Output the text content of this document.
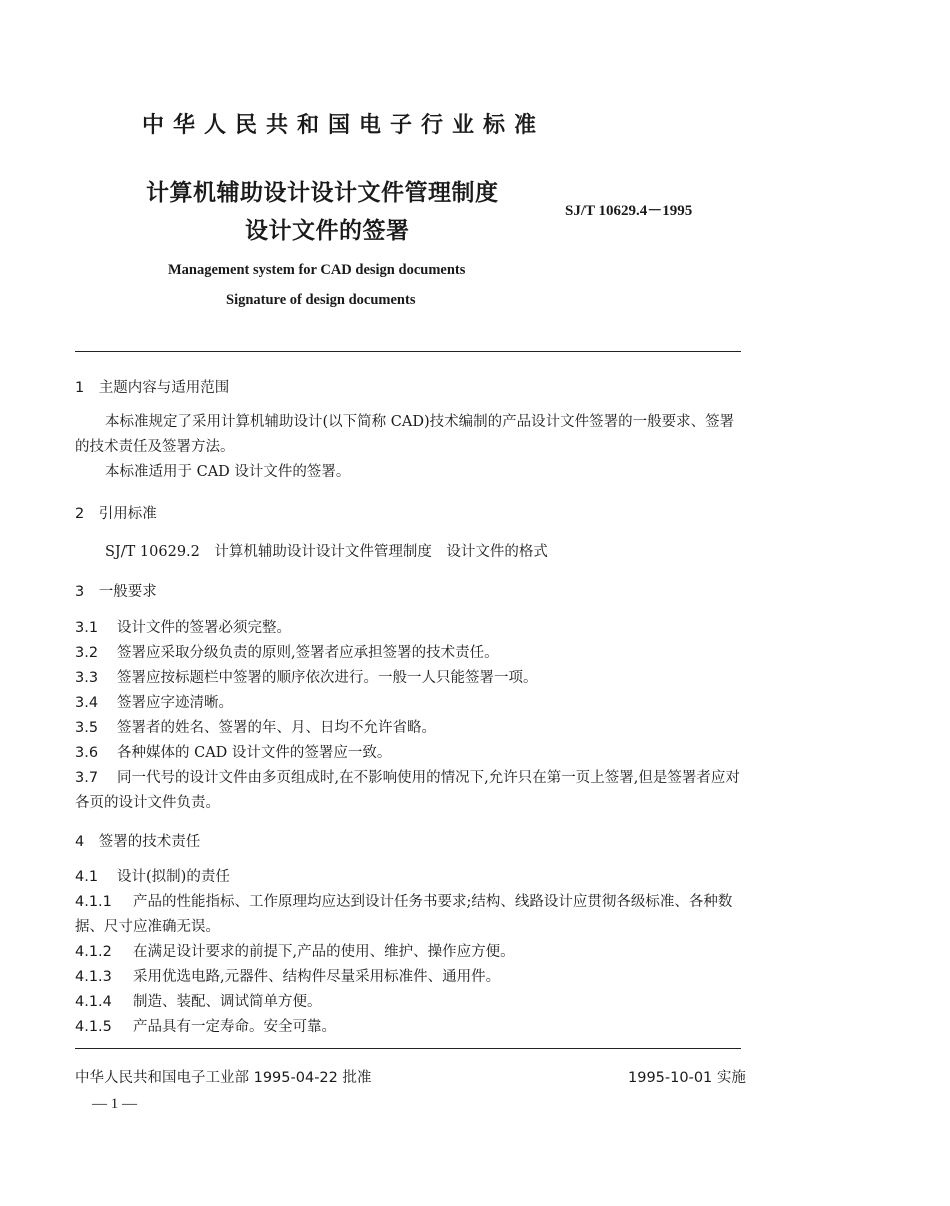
中华人民共和国电子行业标准
计算机辅助设计设计文件管理制度
设计文件的签署
SJ/T 10629.4－1995
Management system for CAD design documents
Signature of design documents
1　主题内容与适用范围

本标准规定了采用计算机辅助设计(以下简称 CAD)技术编制的产品设计文件签署的一般要求、签署的技术责任及签署方法。

本标准适用于 CAD 设计文件的签署。

2　引用标准
SJ/T 10629.2　计算机辅助设计设计文件管理制度　设计文件的格式
3　一般要求

3.1 设计文件的签署必须完整。

3.2 签署应采取分级负责的原则,签署者应承担签署的技术责任。

3.3 签署应按标题栏中签署的顺序依次进行。一般一人只能签署一项。

3.4 签署应字迹清晰。

3.5 签署者的姓名、签署的年、月、日均不允许省略。

3.6 各种媒体的 CAD 设计文件的签署应一致。

3.7 同一代号的设计文件由多页组成时,在不影响使用的情况下,允许只在第一页上签署,但是签署者应对各页的设计文件负责。

4　签署的技术责任

4.1 设计(拟制)的责任

4.1.1 产品的性能指标、工作原理均应达到设计任务书要求;结构、线路设计应贯彻各级标准、各种数据、尺寸应准确无误。

4.1.2 在满足设计要求的前提下,产品的使用、维护、操作应方便。

4.1.3 采用优选电路,元器件、结构件尽量采用标准件、通用件。

4.1.4 制造、装配、调试简单方便。

4.1.5 产品具有一定寿命。安全可靠。

中华人民共和国电子工业部 1995-04-22 批准	1995-10-01 实施
— 1 —
